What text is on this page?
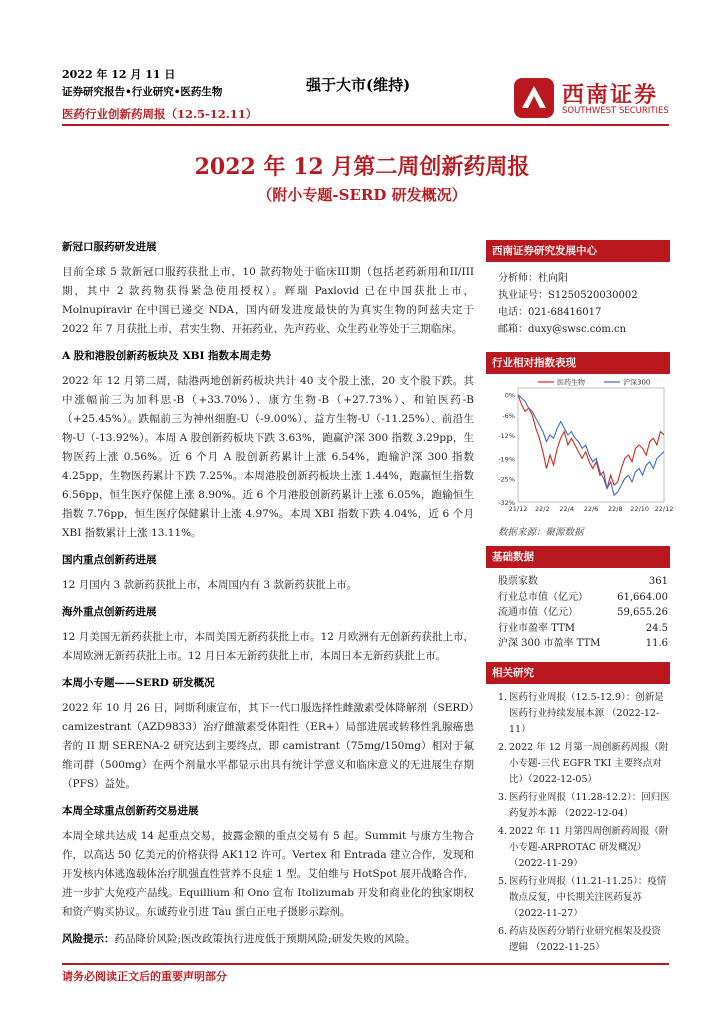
2022 年 12 月 11 日
证券研究报告•行业研究•医药生物
医药行业创新药周报（12.5-12.11）
强于大市(维持)	西南证券
SOUTHWEST SECURITIES
2022 年 12 月第二周创新药周报
（附小专题-SERD 研发概况）
新冠口服药研发进展
目前全球 5 款新冠口服药获批上市，10 款药物处于临床III期（包括老药新用和II/III期，其中 2 款药物获得紧急使用授权）。辉瑞 Paxlovid 已在中国获批上市，Molnupiravir 在中国已递交 NDA，国内研发进度最快的为真实生物的阿兹夫定于 2022 年 7 月获批上市，君实生物、开拓药业、先声药业、众生药业等处于三期临床。
A 股和港股创新药板块及 XBI 指数本周走势
2022 年 12 月第二周，陆港两地创新药板块共计 40 支个股上涨，20 支个股下跌。其中涨幅前三为加科思-B（+33.70%）、康方生物-B（+27.73%）、和铂医药-B（+25.45%）。跌幅前三为神州细胞-U（-9.00%）、益方生物-U（-11.25%）、前沿生物-U（-13.92%）。本周 A 股创新药板块下跌 3.63%，跑赢沪深 300 指数 3.29pp，生物医药上涨 0.56%。近 6 个月 A 股创新药累计上涨 6.54%，跑输沪深 300 指数 4.25pp，生物医药累计下跌 7.25%。本周港股创新药板块上涨 1.44%，跑赢恒生指数 6.56pp，恒生医疗保健上涨 8.90%。近 6 个月港股创新药累计上涨 6.05%，跑输恒生指数 7.76pp，恒生医疗保健累计上涨 4.97%。本周 XBI 指数下跌 4.04%，近 6 个月 XBI 指数累计上涨 13.11%。
国内重点创新药进展
12 月国内 3 款新药获批上市，本周国内有 3 款新药获批上市。
海外重点创新药进展
12 月美国无新药获批上市，本周美国无新药获批上市。12 月欧洲有无创新药获批上市，本周欧洲无新药获批上市。12 月日本无新药获批上市，本周日本无新药获批上市。
本周小专题——SERD 研发概况
2022 年 10 月 26 日，阿斯利康宣布，其下一代口服选择性雌激素受体降解剂（SERD）camizestrant（AZD9833）治疗雌激素受体阳性（ER+）局部进展或转移性乳腺癌患者的 II 期 SERENA-2 研究达到主要终点，即 camistrant（75mg/150mg）相对于氟维司群（500mg）在两个剂量水平都显示出具有统计学意义和临床意义的无进展生存期（PFS）益处。
本周全球重点创新药交易进展
本周全球共达成 14 起重点交易，披露金额的重点交易有 5 起。Summit 与康方生物合作，以高达 50 亿美元的价格获得 AK112 许可。Vertex 和 Entrada 建立合作，发现和开发核内体逃逸载体治疗肌强直性营养不良症 1 型。艾伯维与 HotSpot 展开战略合作，进一步扩大免疫产品线。Equillium 和 Ono 宣布 Itolizumab 开发和商业化的独家期权和资产购买协议。东诚药业引进 Tau 蛋白正电子摄影示踪剂。
风险提示：药品降价风险;医改政策执行进度低于预期风险;研发失败的风险。
西南证券研究发展中心
分析师：杜向阳
执业证号：S1250520030002
电话：021-68416017
邮箱：duxy@swsc.com.cn
行业相对指数表现
0%
-6%
-12%
-19%
-25%
-32%
21/12 22/2 22/4 22/6 22/8 22/10 22/12
医药生物	沪深300
数据来源：聚源数据
基础数据
股票家数	361
行业总市值（亿元）	61,664.00
流通市值（亿元）	59,655.26
行业市盈率 TTM	24.5
沪深 300 市盈率 TTM	11.6
相关研究
1. 医药行业周报（12.5-12.9）：创新是医药行业持续发展本源 （2022-12-11）
2. 2022 年 12 月第一周创新药周报（附小专题-三代 EGFR TKI 主要终点对比）（2022-12-05）
3. 医药行业周报（11.28-12.2）：回归医药复苏本源 （2022-12-04）
4. 2022 年 11 月第四周创新药周报（附小专题-ARPROTAC 研发概况）（2022-11-29）
5. 医药行业周报（11.21-11.25）：疫情散点反复，中长期关注医药复苏 （2022-11-27）
6. 药店及医药分销行业研究框架及投资逻辑 （2022-11-25）
请务必阅读正文后的重要声明部分
